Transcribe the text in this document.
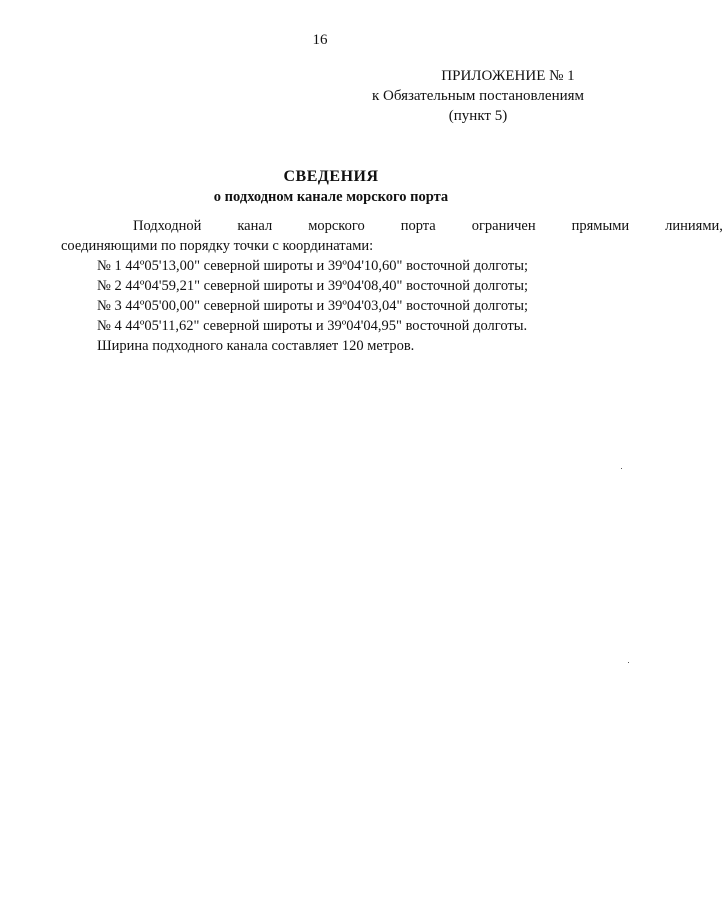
16
ПРИЛОЖЕНИЕ № 1
к Обязательным постановлениям
(пункт 5)
СВЕДЕНИЯ
о подходном канале морского порта
Подходной	канал	морского	порта	ограничен	прямыми	линиями,
соединяющими по порядку точки с координатами:
№ 1 44º05'13,00" северной широты и 39º04'10,60" восточной долготы;
№ 2 44º04'59,21" северной широты и 39º04'08,40" восточной долготы;
№ 3 44º05'00,00" северной широты и 39º04'03,04" восточной долготы;
№ 4 44º05'11,62" северной широты и 39º04'04,95" восточной долготы.
Ширина подходного канала составляет 120 метров.
